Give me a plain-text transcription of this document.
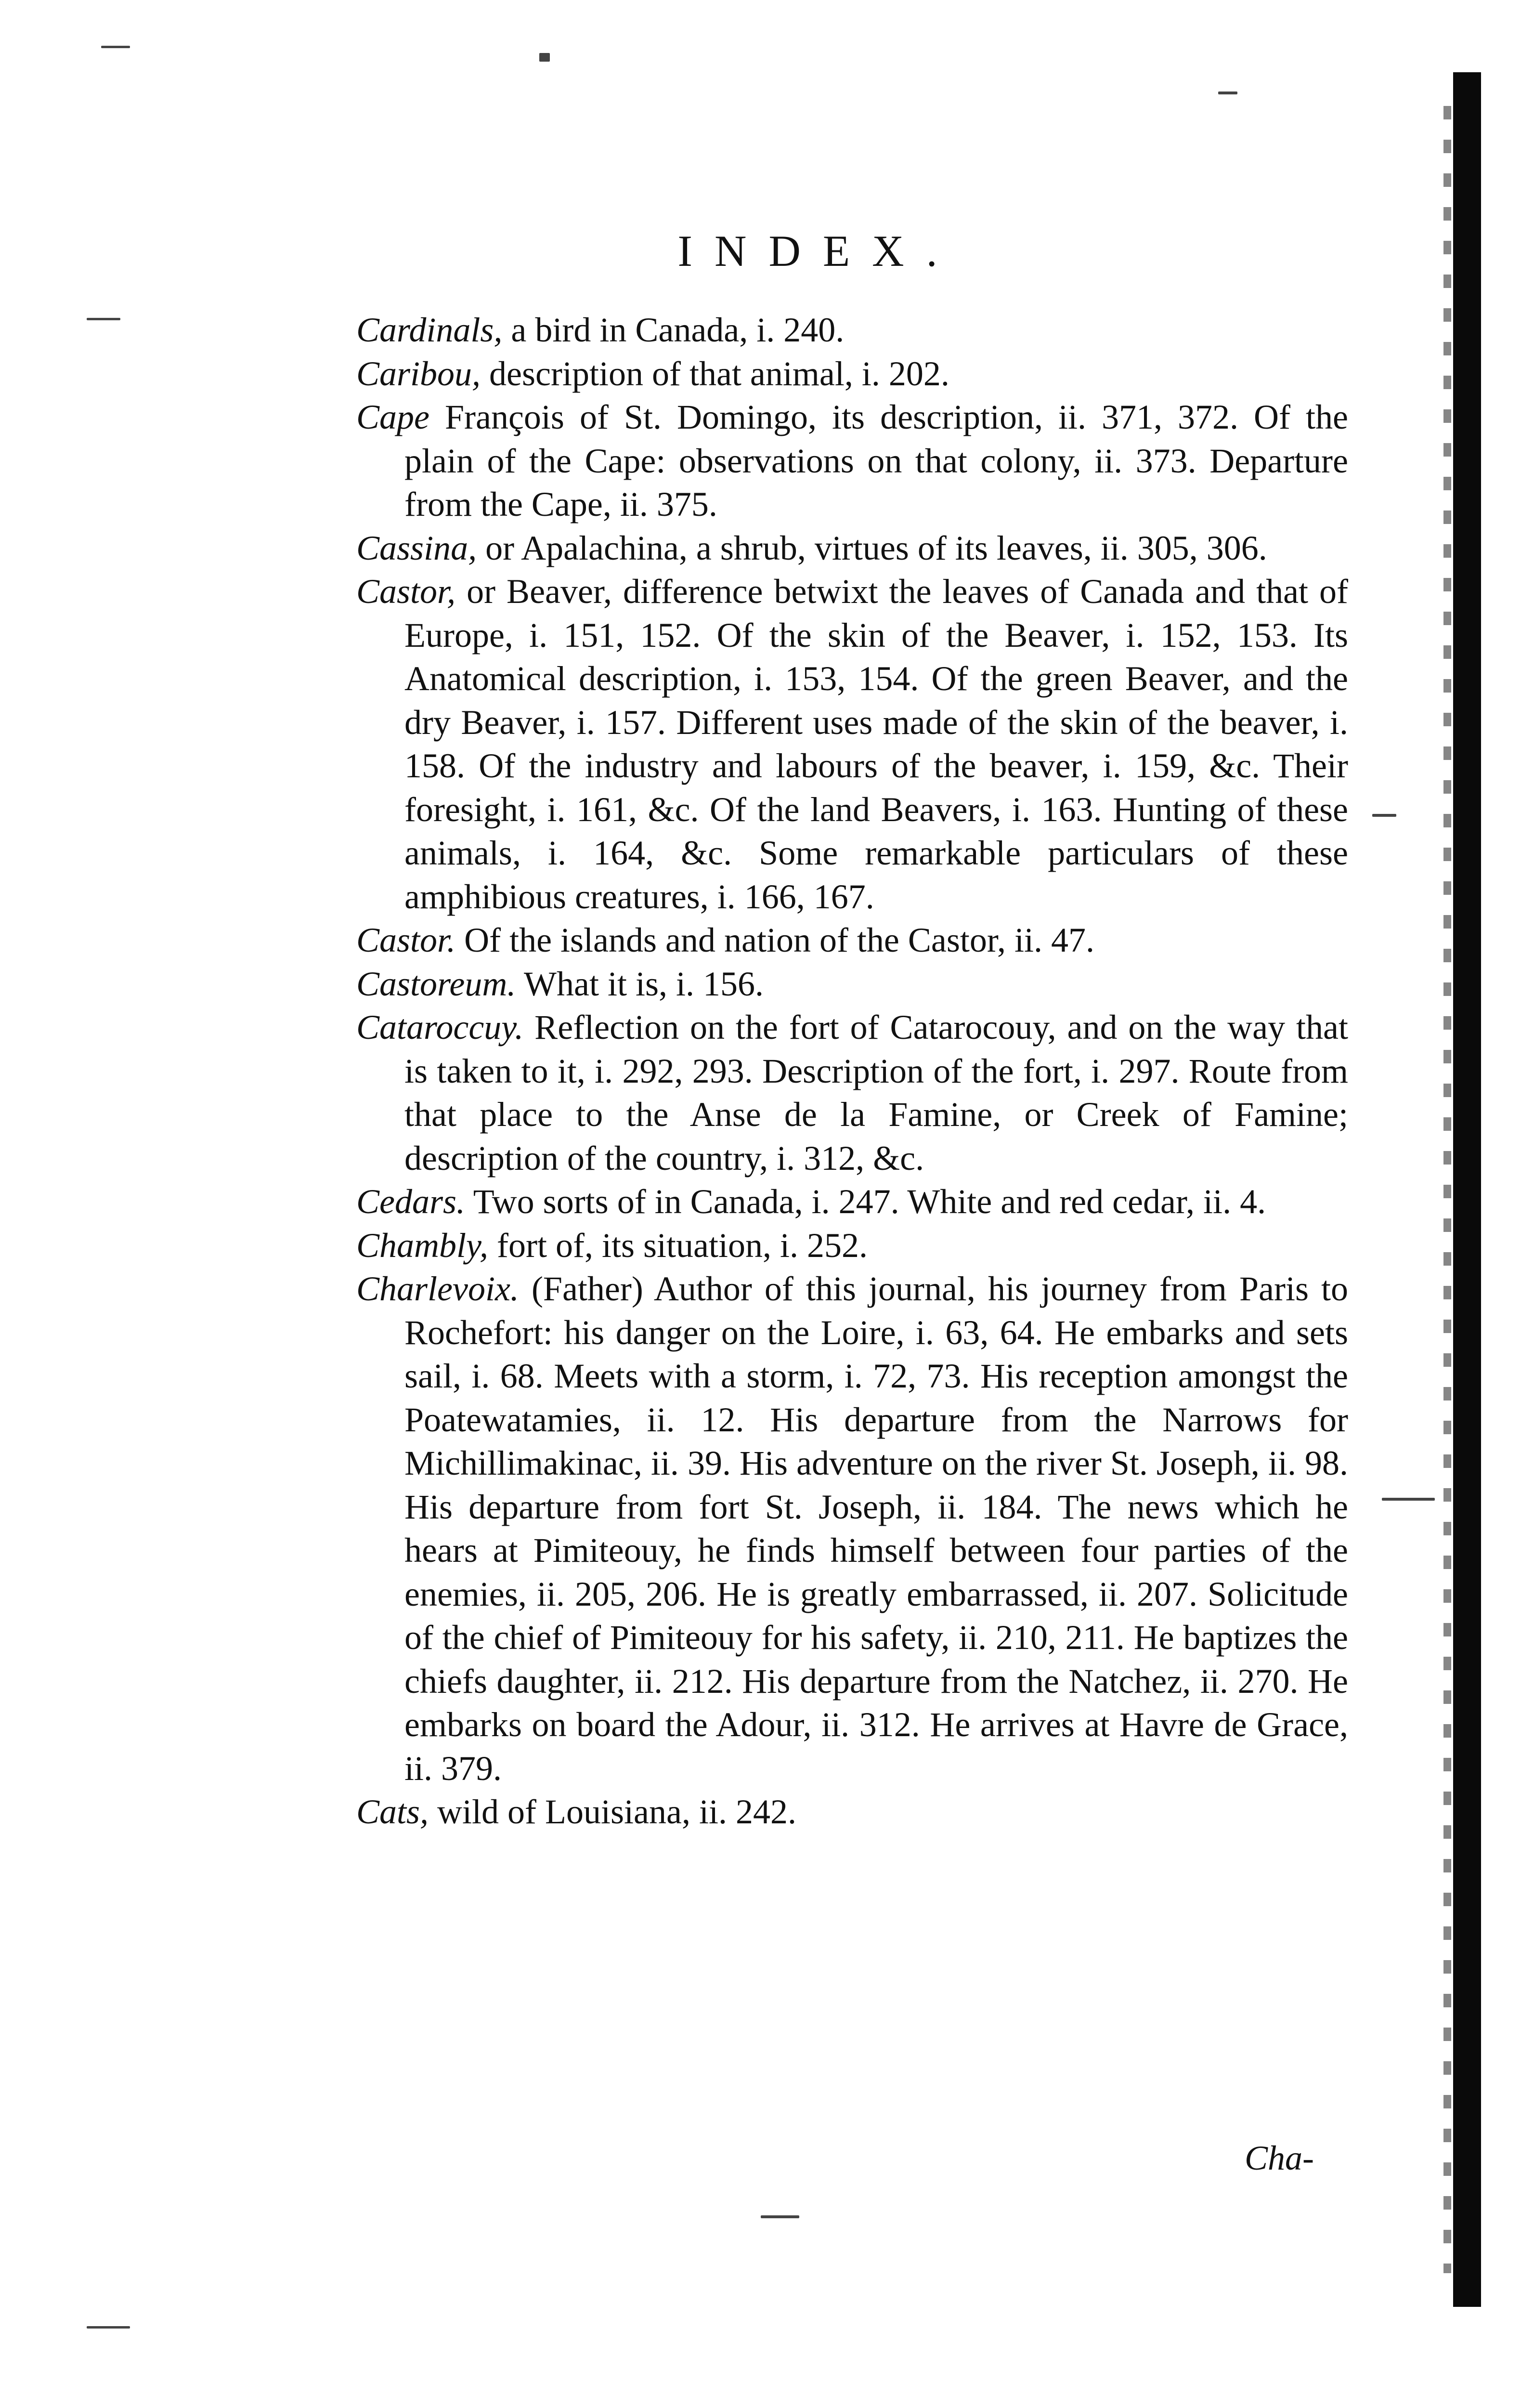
INDEX.

Cardinals, a bird in Canada, i. 240.

Caribou, description of that animal, i. 202.

Cape François of St. Domingo, its description, ii. 371, 372. Of the plain of the Cape: observations on that colony, ii. 373. Departure from the Cape, ii. 375.

Cassina, or Apalachina, a shrub, virtues of its leaves, ii. 305, 306.

Castor, or Beaver, difference betwixt the leaves of Canada and that of Europe, i. 151, 152. Of the skin of the Beaver, i. 152, 153. Its Anatomical description, i. 153, 154. Of the green Beaver, and the dry Beaver, i. 157. Different uses made of the skin of the beaver, i. 158. Of the industry and labours of the beaver, i. 159, &c. Their foresight, i. 161, &c. Of the land Beavers, i. 163. Hunting of these animals, i. 164, &c. Some remarkable particulars of these amphibious creatures, i. 166, 167.

Castor. Of the islands and nation of the Castor, ii. 47.

Castoreum. What it is, i. 156.

Cataroccuy. Reflection on the fort of Catarocouy, and on the way that is taken to it, i. 292, 293. Description of the fort, i. 297. Route from that place to the Anse de la Famine, or Creek of Famine; description of the country, i. 312, &c.

Cedars. Two sorts of in Canada, i. 247. White and red cedar, ii. 4.

Chambly, fort of, its situation, i. 252.

Charlevoix. (Father) Author of this journal, his journey from Paris to Rochefort: his danger on the Loire, i. 63, 64. He embarks and sets sail, i. 68. Meets with a storm, i. 72, 73. His reception amongst the Poatewatamies, ii. 12. His departure from the Narrows for Michillimakinac, ii. 39. His adventure on the river St. Joseph, ii. 98. His departure from fort St. Joseph, ii. 184. The news which he hears at Pimiteouy, he finds himself between four parties of the enemies, ii. 205, 206. He is greatly embarrassed, ii. 207. Solicitude of the chief of Pimiteouy for his safety, ii. 210, 211. He baptizes the chiefs daughter, ii. 212. His departure from the Natchez, ii. 270. He embarks on board the Adour, ii. 312. He arrives at Havre de Grace, ii. 379.

Cats, wild of Louisiana, ii. 242.

Cha-
